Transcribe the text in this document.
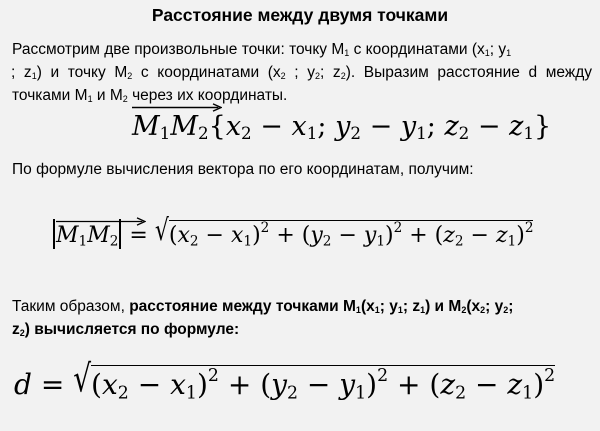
Расстояние между двумя точками
Рассмотрим две произвольные точки: точку $M_1$ с координатами ($x_1$; $y_1$
; $z_1$) и точку $M_2$ с координатами ($x_2$ ; $y_2$; $z_2$). Выразим расстояние d между точками $M_1$ и $M_2$ через их координаты.
$M_1M_2\{x_2 - x_1$; $y_2 - y_1$; $z_2 - z_1$}
По формуле вычисления вектора по его координатам, получим:
$M_1M_2 = √(x_2 - x_1)^2 + (y_2 - y_1)^2 + (z_2 - z_1)^2$
Таким образом, расстояние между точками $M_1(x_1$; $y_1$; $z_1$) и $M_2(x_2$; $y_2$;
$z_2$) вычисляется по формуле:
$d = √(x_2 - x_1)^2 + (y_2 - y_1)^2 + (z_2 - z_1)^2$
